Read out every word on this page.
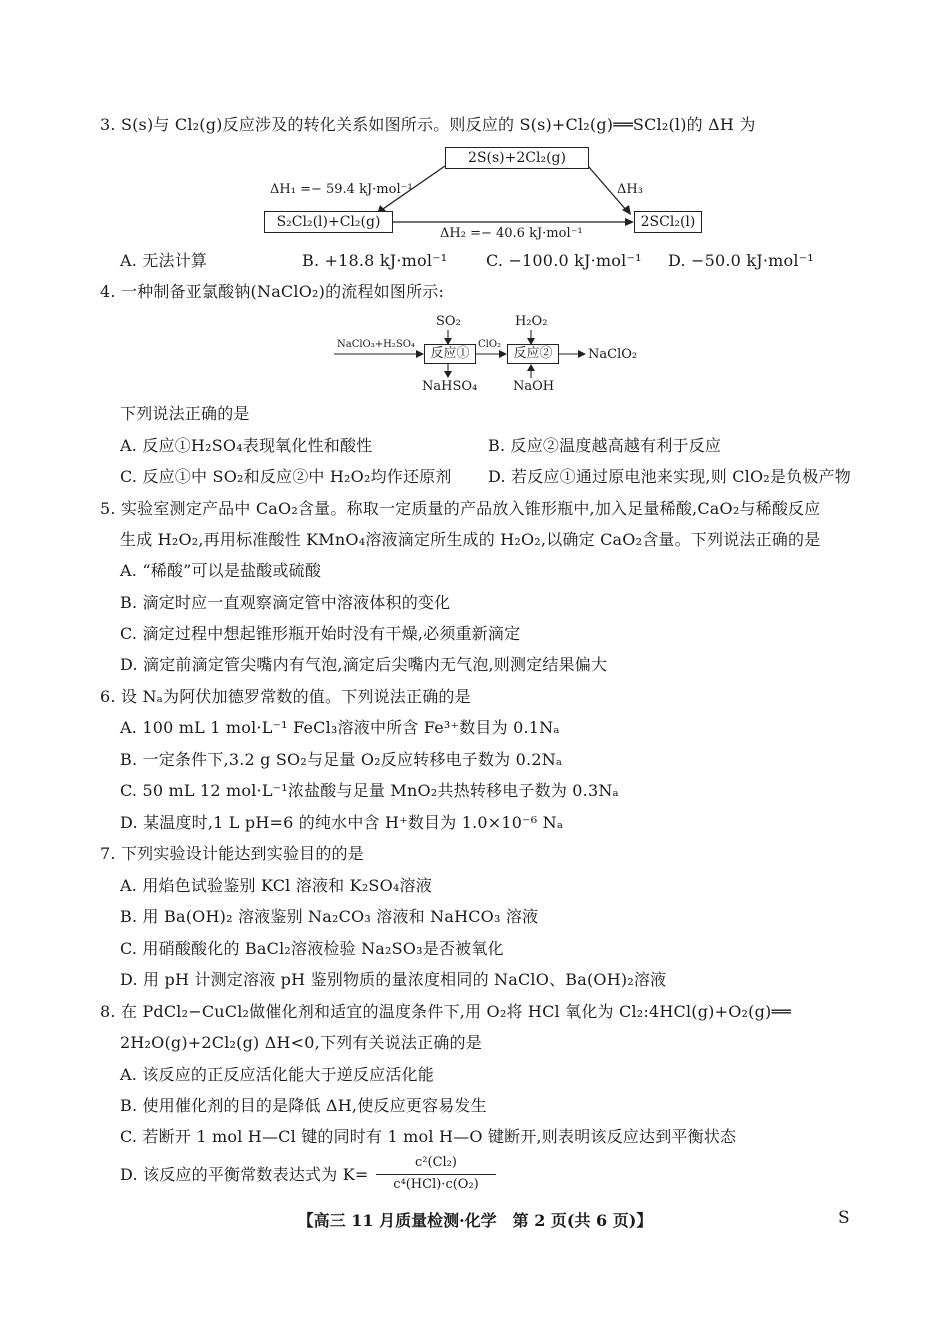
3. S(s)与 Cl₂(g)反应涉及的转化关系如图所示。则反应的 S(s)+Cl₂(g)══SCl₂(l)的 ΔH 为
2S(s)+2Cl₂(g)
S₂Cl₂(l)+Cl₂(g)	2SCl₂(l)
ΔH₁ =− 59.4 kJ·mol⁻¹	ΔH₃
ΔH₂ =− 40.6 kJ·mol⁻¹
A. 无法计算	B. +18.8 kJ·mol⁻¹ C. −100.0 kJ·mol⁻¹ D. −50.0 kJ·mol⁻¹
4. 一种制备亚氯酸钠(NaClO₂)的流程如图所示:
NaClO₃+H₂SO₄
反应①	反应②
SO₂
NaHSO₄
ClO₂
H₂O₂
NaOH
NaClO₂
下列说法正确的是
A. 反应①H₂SO₄表现氧化性和酸性	B. 反应②温度越高越有利于反应
C. 反应①中 SO₂和反应②中 H₂O₂均作还原剂 D. 若反应①通过原电池来实现,则 ClO₂是负极产物
5. 实验室测定产品中 CaO₂含量。称取一定质量的产品放入锥形瓶中,加入足量稀酸,CaO₂与稀酸反应
生成 H₂O₂,再用标准酸性 KMnO₄溶液滴定所生成的 H₂O₂,以确定 CaO₂含量。下列说法正确的是
A. “稀酸”可以是盐酸或硫酸
B. 滴定时应一直观察滴定管中溶液体积的变化
C. 滴定过程中想起锥形瓶开始时没有干燥,必须重新滴定
D. 滴定前滴定管尖嘴内有气泡,滴定后尖嘴内无气泡,则测定结果偏大
6. 设 Nₐ为阿伏加德罗常数的值。下列说法正确的是
A. 100 mL 1 mol·L⁻¹ FeCl₃溶液中所含 Fe³⁺数目为 0.1Nₐ
B. 一定条件下,3.2 g SO₂与足量 O₂反应转移电子数为 0.2Nₐ
C. 50 mL 12 mol·L⁻¹浓盐酸与足量 MnO₂共热转移电子数为 0.3Nₐ
D. 某温度时,1 L pH=6 的纯水中含 H⁺数目为 1.0×10⁻⁶ Nₐ
7. 下列实验设计能达到实验目的的是
A. 用焰色试验鉴别 KCl 溶液和 K₂SO₄溶液
B. 用 Ba(OH)₂ 溶液鉴别 Na₂CO₃ 溶液和 NaHCO₃ 溶液
C. 用硝酸酸化的 BaCl₂溶液检验 Na₂SO₃是否被氧化
D. 用 pH 计测定溶液 pH 鉴别物质的量浓度相同的 NaClO、Ba(OH)₂溶液
8. 在 PdCl₂−CuCl₂做催化剂和适宜的温度条件下,用 O₂将 HCl 氧化为 Cl₂:4HCl(g)+O₂(g)══
2H₂O(g)+2Cl₂(g) ΔH<0,下列有关说法正确的是
A. 该反应的正反应活化能大于逆反应活化能
B. 使用催化剂的目的是降低 ΔH,使反应更容易发生
C. 若断开 1 mol H—Cl 键的同时有 1 mol H—O 键断开,则表明该反应达到平衡状态
D. 该反应的平衡常数表达式为 K=
c²(Cl₂)
c⁴(HCl)·c(O₂)
【高三 11 月质量检测·化学　第 2 页(共 6 页)】	S
